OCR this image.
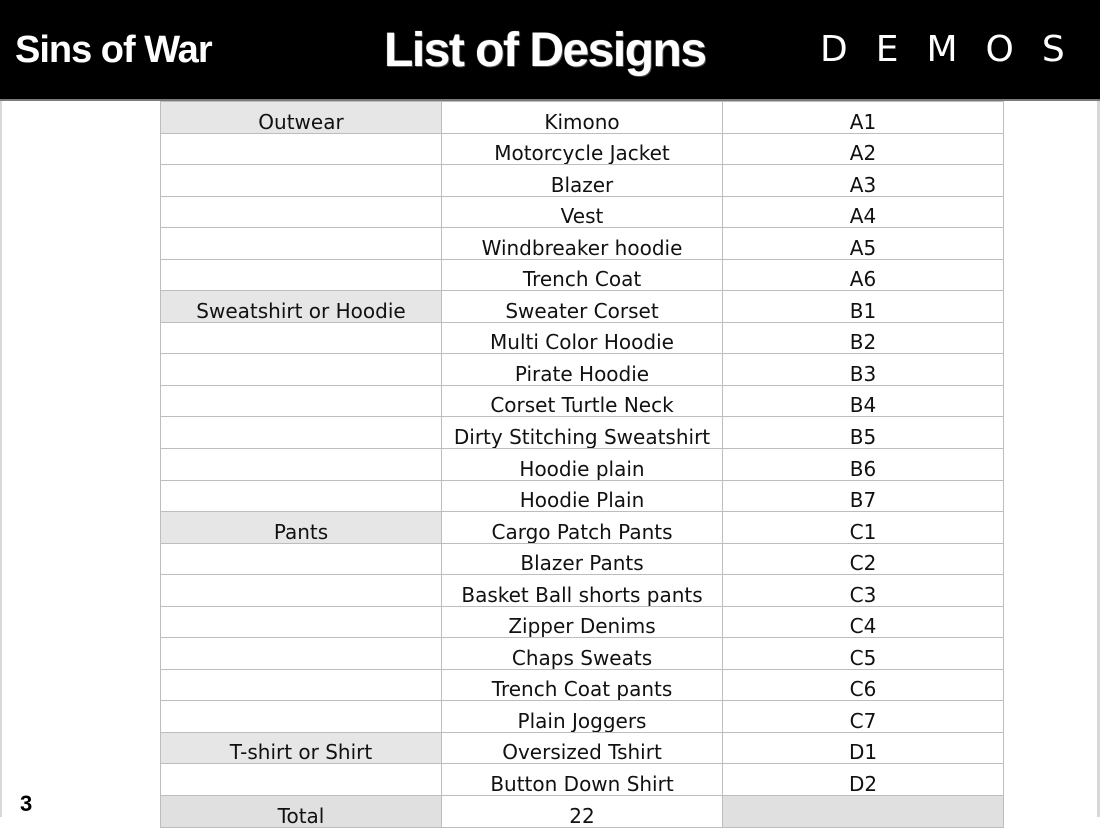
Sins of War	List of Designs	DEMOS
Outwear	Kimono	A1
	Motorcycle Jacket	A2
	Blazer	A3
	Vest	A4
	Windbreaker hoodie	A5
	Trench Coat	A6
Sweatshirt or Hoodie	Sweater Corset	B1
	Multi Color Hoodie	B2
	Pirate Hoodie	B3
	Corset Turtle Neck	B4
	Dirty Stitching Sweatshirt	B5
	Hoodie plain	B6
	Hoodie Plain	B7
Pants	Cargo Patch Pants	C1
	Blazer Pants	C2
	Basket Ball shorts pants	C3
	Zipper Denims	C4
	Chaps Sweats	C5
	Trench Coat pants	C6
	Plain Joggers	C7
T-shirt or Shirt	Oversized Tshirt	D1
	Button Down Shirt	D2
Total	22	
3
